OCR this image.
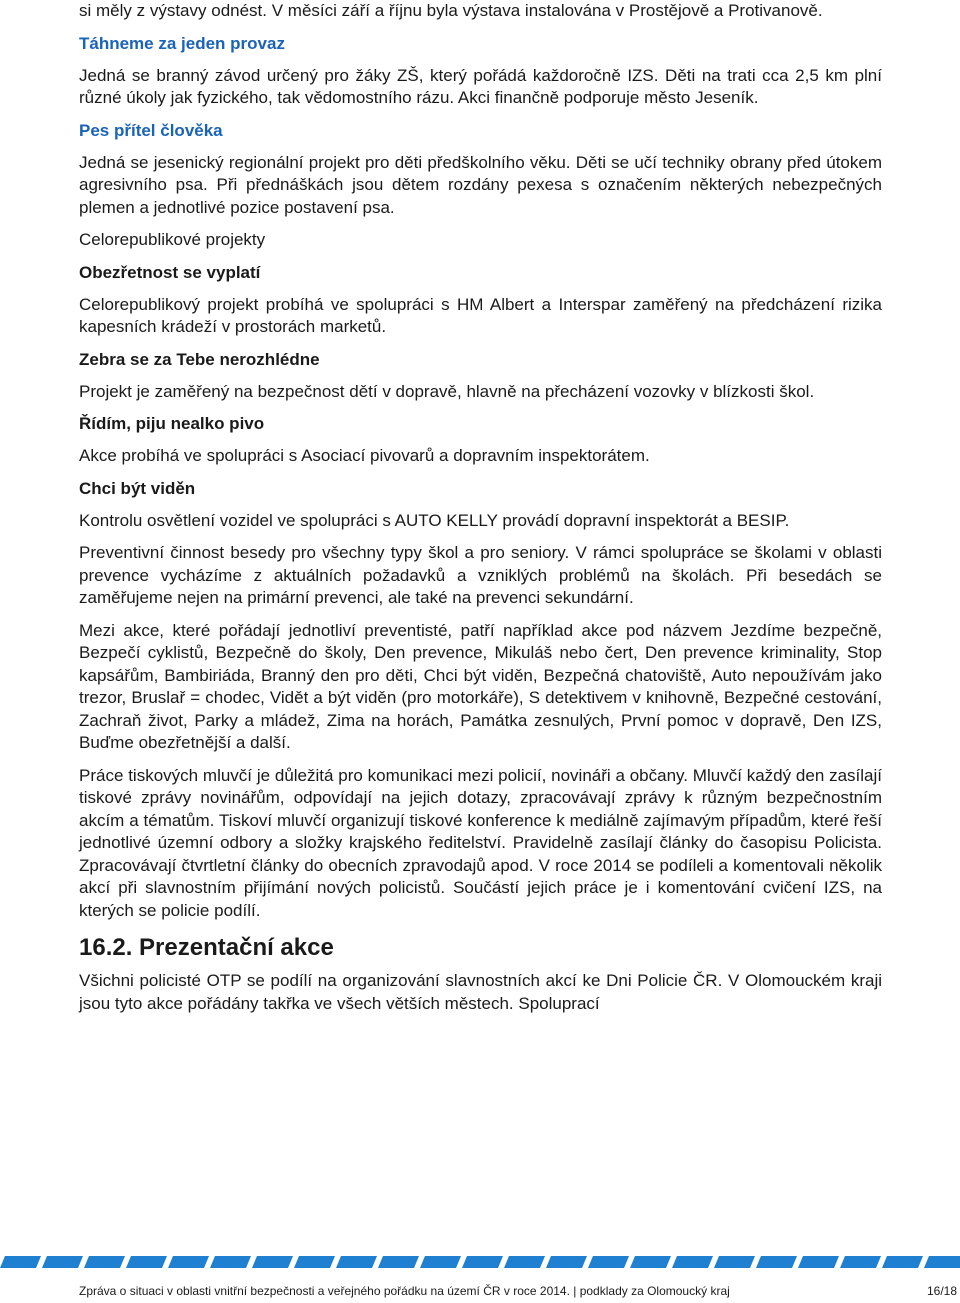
si měly z výstavy odnést. V měsíci září a říjnu byla výstava instalována v Prostějově a Protivanově.

Táhneme za jeden provaz

Jedná se branný závod určený pro žáky ZŠ, který pořádá každoročně IZS. Děti na trati cca 2,5 km plní různé úkoly jak fyzického, tak vědomostního rázu. Akci finančně podporuje město Jeseník.

Pes přítel člověka

Jedná se jesenický regionální projekt pro děti předškolního věku. Děti se učí techniky obrany před útokem agresivního psa. Při přednáškách jsou dětem rozdány pexesa s označením některých nebezpečných plemen a jednotlivé pozice postavení psa.

Celorepublikové projekty

Obezřetnost se vyplatí

Celorepublikový projekt probíhá ve spolupráci s HM Albert a Interspar zaměřený na předcházení rizika kapesních krádeží v prostorách marketů.

Zebra se za Tebe nerozhlédne

Projekt je zaměřený na bezpečnost dětí v dopravě, hlavně na přecházení vozovky v blízkosti škol.

Řídím, piju nealko pivo

Akce probíhá ve spolupráci s Asociací pivovarů a dopravním inspektorátem.

Chci být viděn

Kontrolu osvětlení vozidel ve spolupráci s AUTO KELLY provádí dopravní inspektorát a BESIP.

Preventivní činnost besedy pro všechny typy škol a pro seniory. V rámci spolupráce se školami v oblasti prevence vycházíme z aktuálních požadavků a vzniklých problémů na školách. Při besedách se zaměřujeme nejen na primární prevenci, ale také na prevenci sekundární.

Mezi akce, které pořádají jednotliví preventisté, patří například akce pod názvem Jezdíme bezpečně, Bezpečí cyklistů, Bezpečně do školy, Den prevence, Mikuláš nebo čert, Den prevence kriminality, Stop kapsářům, Bambiriáda, Branný den pro děti, Chci být viděn, Bezpečná chatoviště, Auto nepoužívám jako trezor, Bruslař = chodec, Vidět a být viděn (pro motorkáře), S detektivem v knihovně, Bezpečné cestování, Zachraň život, Parky a mládež, Zima na horách, Památka zesnulých, První pomoc v dopravě, Den IZS, Buďme obezřetnější a další.

Práce tiskových mluvčí je důležitá pro komunikaci mezi policií, novináři a občany. Mluvčí každý den zasílají tiskové zprávy novinářům, odpovídají na jejich dotazy, zpracovávají zprávy k různým bezpečnostním akcím a tématům. Tiskoví mluvčí organizují tiskové konference k mediálně zajímavým případům, které řeší jednotlivé územní odbory a složky krajského ředitelství. Pravidelně zasílají články do časopisu Policista. Zpracovávají čtvrtletní články do obecních zpravodajů apod. V roce 2014 se podíleli a komentovali několik akcí při slavnostním přijímání nových policistů. Součástí jejich práce je i komentování cvičení IZS, na kterých se policie podílí.

16.2. Prezentační akce

Všichni policisté OTP se podílí na organizování slavnostních akcí ke Dni Policie ČR. V Olomouckém kraji jsou tyto akce pořádány takřka ve všech větších městech. Spoluprací

Zpráva o situaci v oblasti vnitřní bezpečnosti a veřejného pořádku na území ČR v roce 2014. | podklady za Olomoucký kraj	16/18
